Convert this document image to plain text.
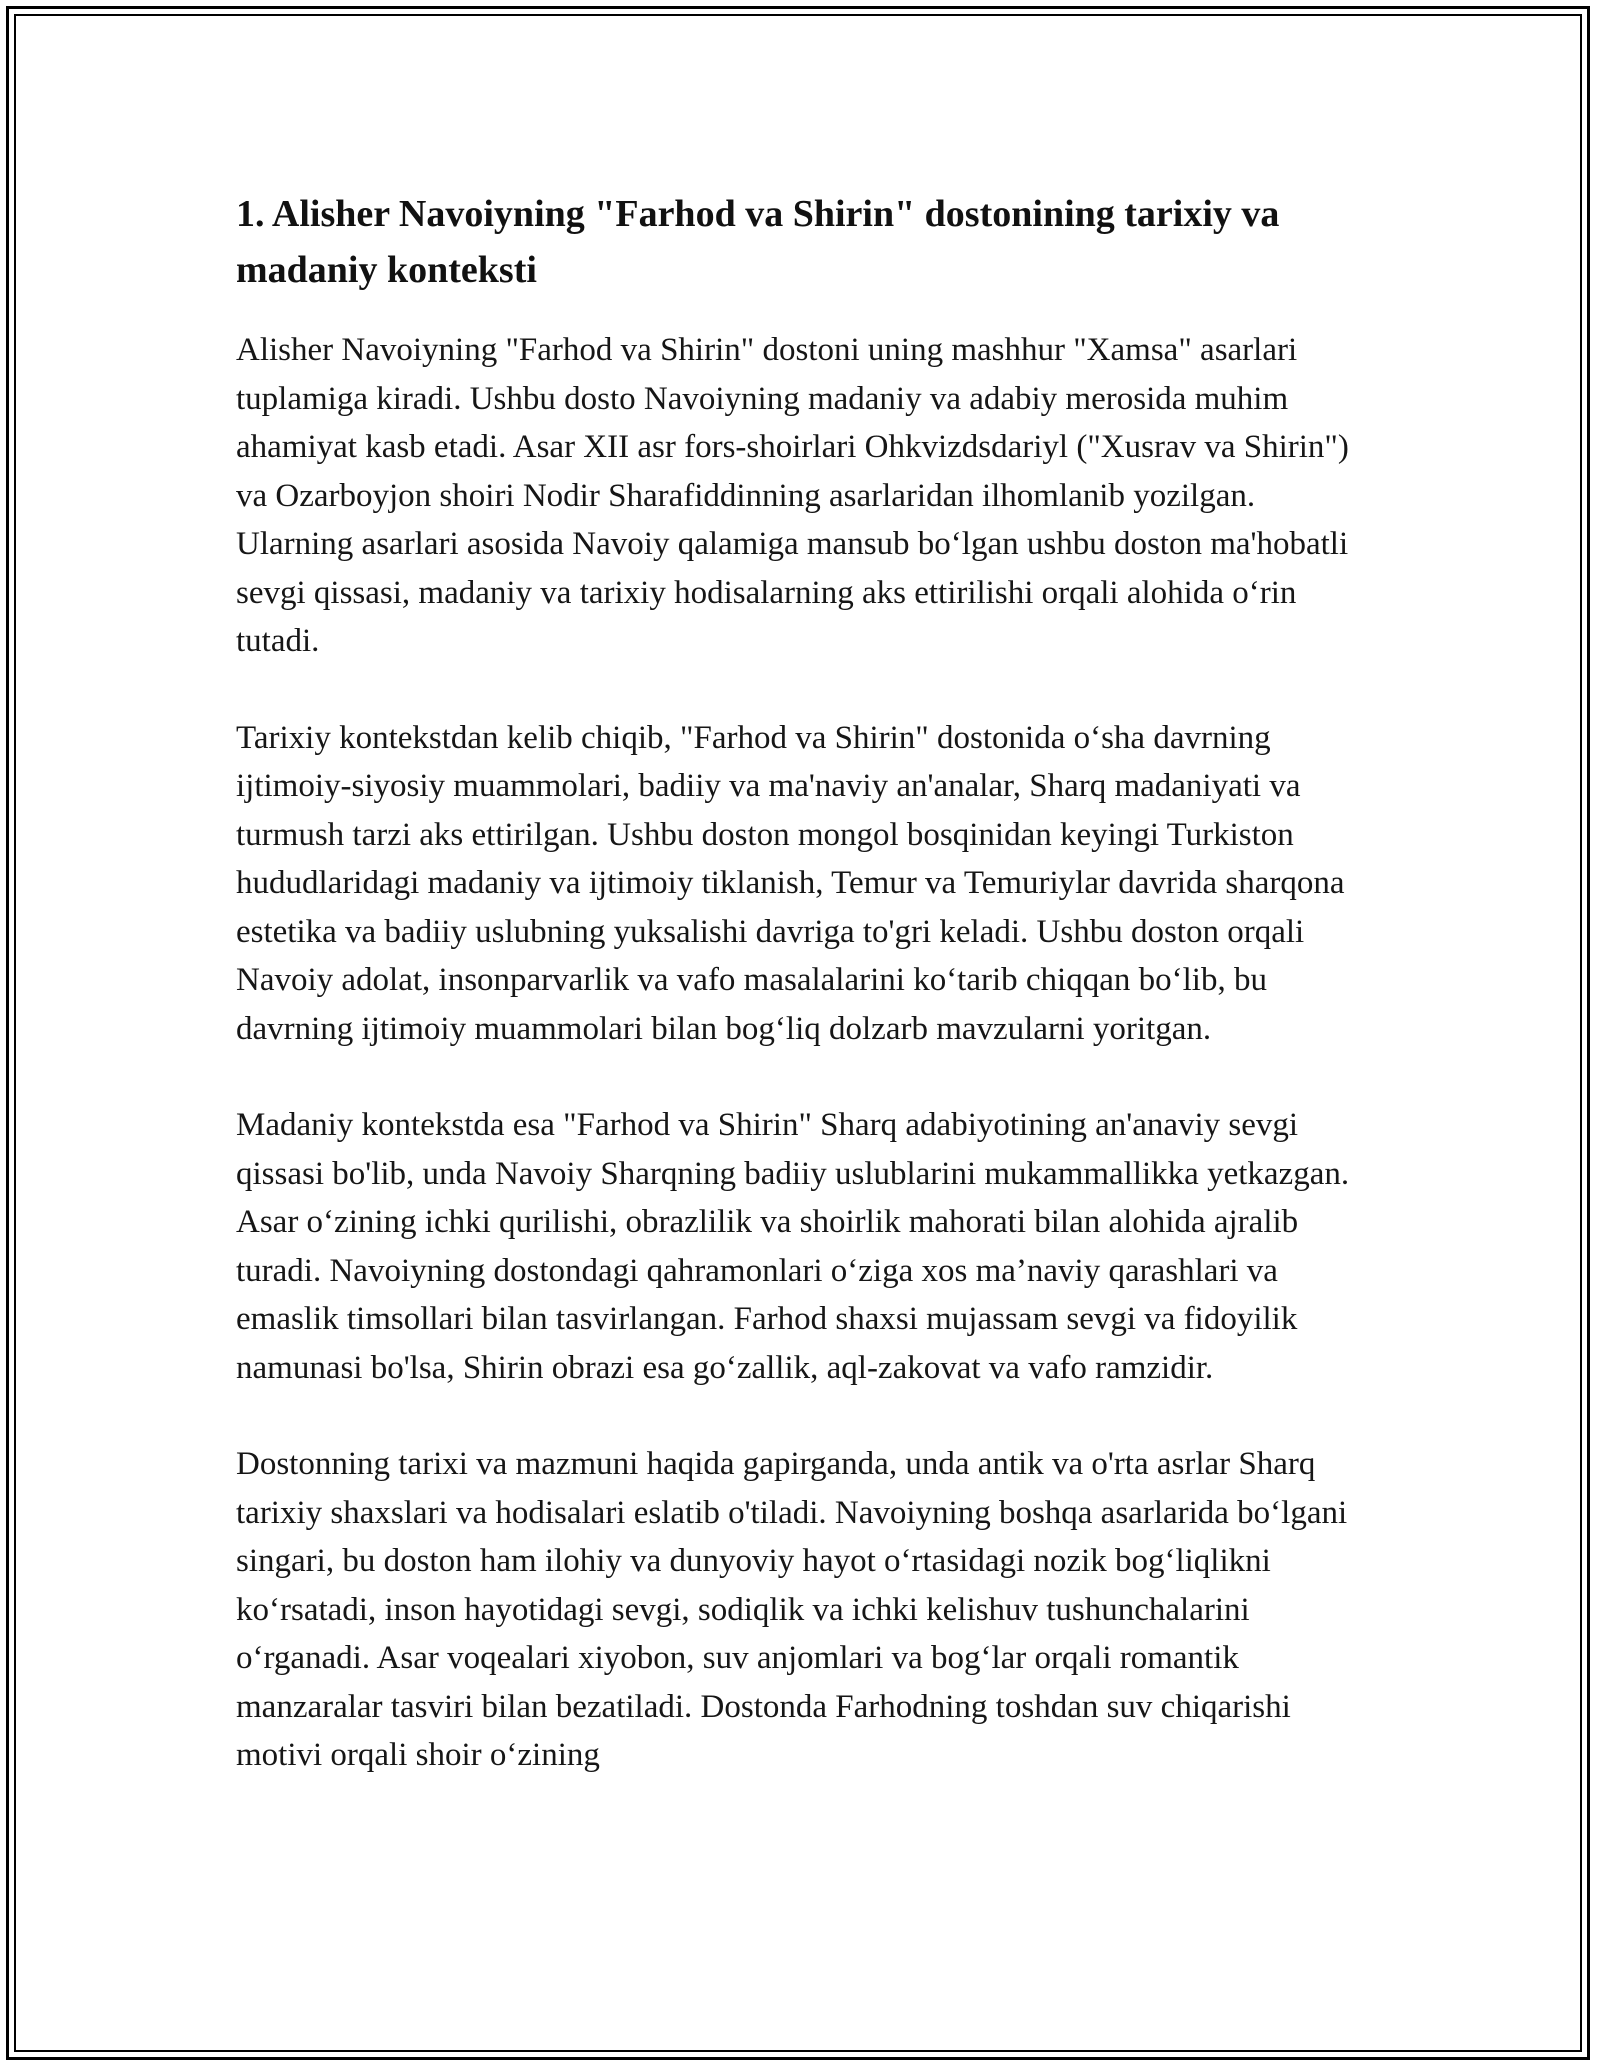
1. Alisher Navoiyning "Farhod va Shirin" dostonining tarixiy va madaniy konteksti

Alisher Navoiyning "Farhod va Shirin" dostoni uning mashhur "Xamsa" asarlari tuplamiga kiradi. Ushbu dosto Navoiyning madaniy va adabiy merosida muhim ahamiyat kasb etadi. Asar XII asr fors-shoirlari Ohkvizdsdariyl ("Xusrav va Shirin") va Ozarboyjon shoiri Nodir Sharafiddinning asarlaridan ilhomlanib yozilgan. Ularning asarlari asosida Navoiy qalamiga mansub bo‘lgan ushbu doston ma'hobatli sevgi qissasi, madaniy va tarixiy hodisalarning aks ettirilishi orqali alohida o‘rin tutadi.

Tarixiy kontekstdan kelib chiqib, "Farhod va Shirin" dostonida o‘sha davrning ijtimoiy-siyosiy muammolari, badiiy va ma'naviy an'analar, Sharq madaniyati va turmush tarzi aks ettirilgan. Ushbu doston mongol bosqinidan keyingi Turkiston hududlaridagi madaniy va ijtimoiy tiklanish, Temur va Temuriylar davrida sharqona estetika va badiiy uslubning yuksalishi davriga to'gri keladi. Ushbu doston orqali Navoiy adolat, insonparvarlik va vafo masalalarini ko‘tarib chiqqan bo‘lib, bu davrning ijtimoiy muammolari bilan bog‘liq dolzarb mavzularni yoritgan.

Madaniy kontekstda esa "Farhod va Shirin" Sharq adabiyotining an'anaviy sevgi qissasi bo'lib, unda Navoiy Sharqning badiiy uslublarini mukammallikka yetkazgan. Asar o‘zining ichki qurilishi, obrazlilik va shoirlik mahorati bilan alohida ajralib turadi. Navoiyning dostondagi qahramonlari o‘ziga xos ma’naviy qarashlari va emaslik timsollari bilan tasvirlangan. Farhod shaxsi mujassam sevgi va fidoyilik namunasi bo'lsa, Shirin obrazi esa go‘zallik, aql-zakovat va vafo ramzidir.

Dostonning tarixi va mazmuni haqida gapirganda, unda antik va o'rta asrlar Sharq tarixiy shaxslari va hodisalari eslatib o'tiladi. Navoiyning boshqa asarlarida bo‘lgani singari, bu doston ham ilohiy va dunyoviy hayot o‘rtasidagi nozik bog‘liqlikni ko‘rsatadi, inson hayotidagi sevgi, sodiqlik va ichki kelishuv tushunchalarini o‘rganadi. Asar voqealari xiyobon, suv anjomlari va bog‘lar orqali romantik manzaralar tasviri bilan bezatiladi. Dostonda Farhodning toshdan suv chiqarishi motivi orqali shoir o‘zining
